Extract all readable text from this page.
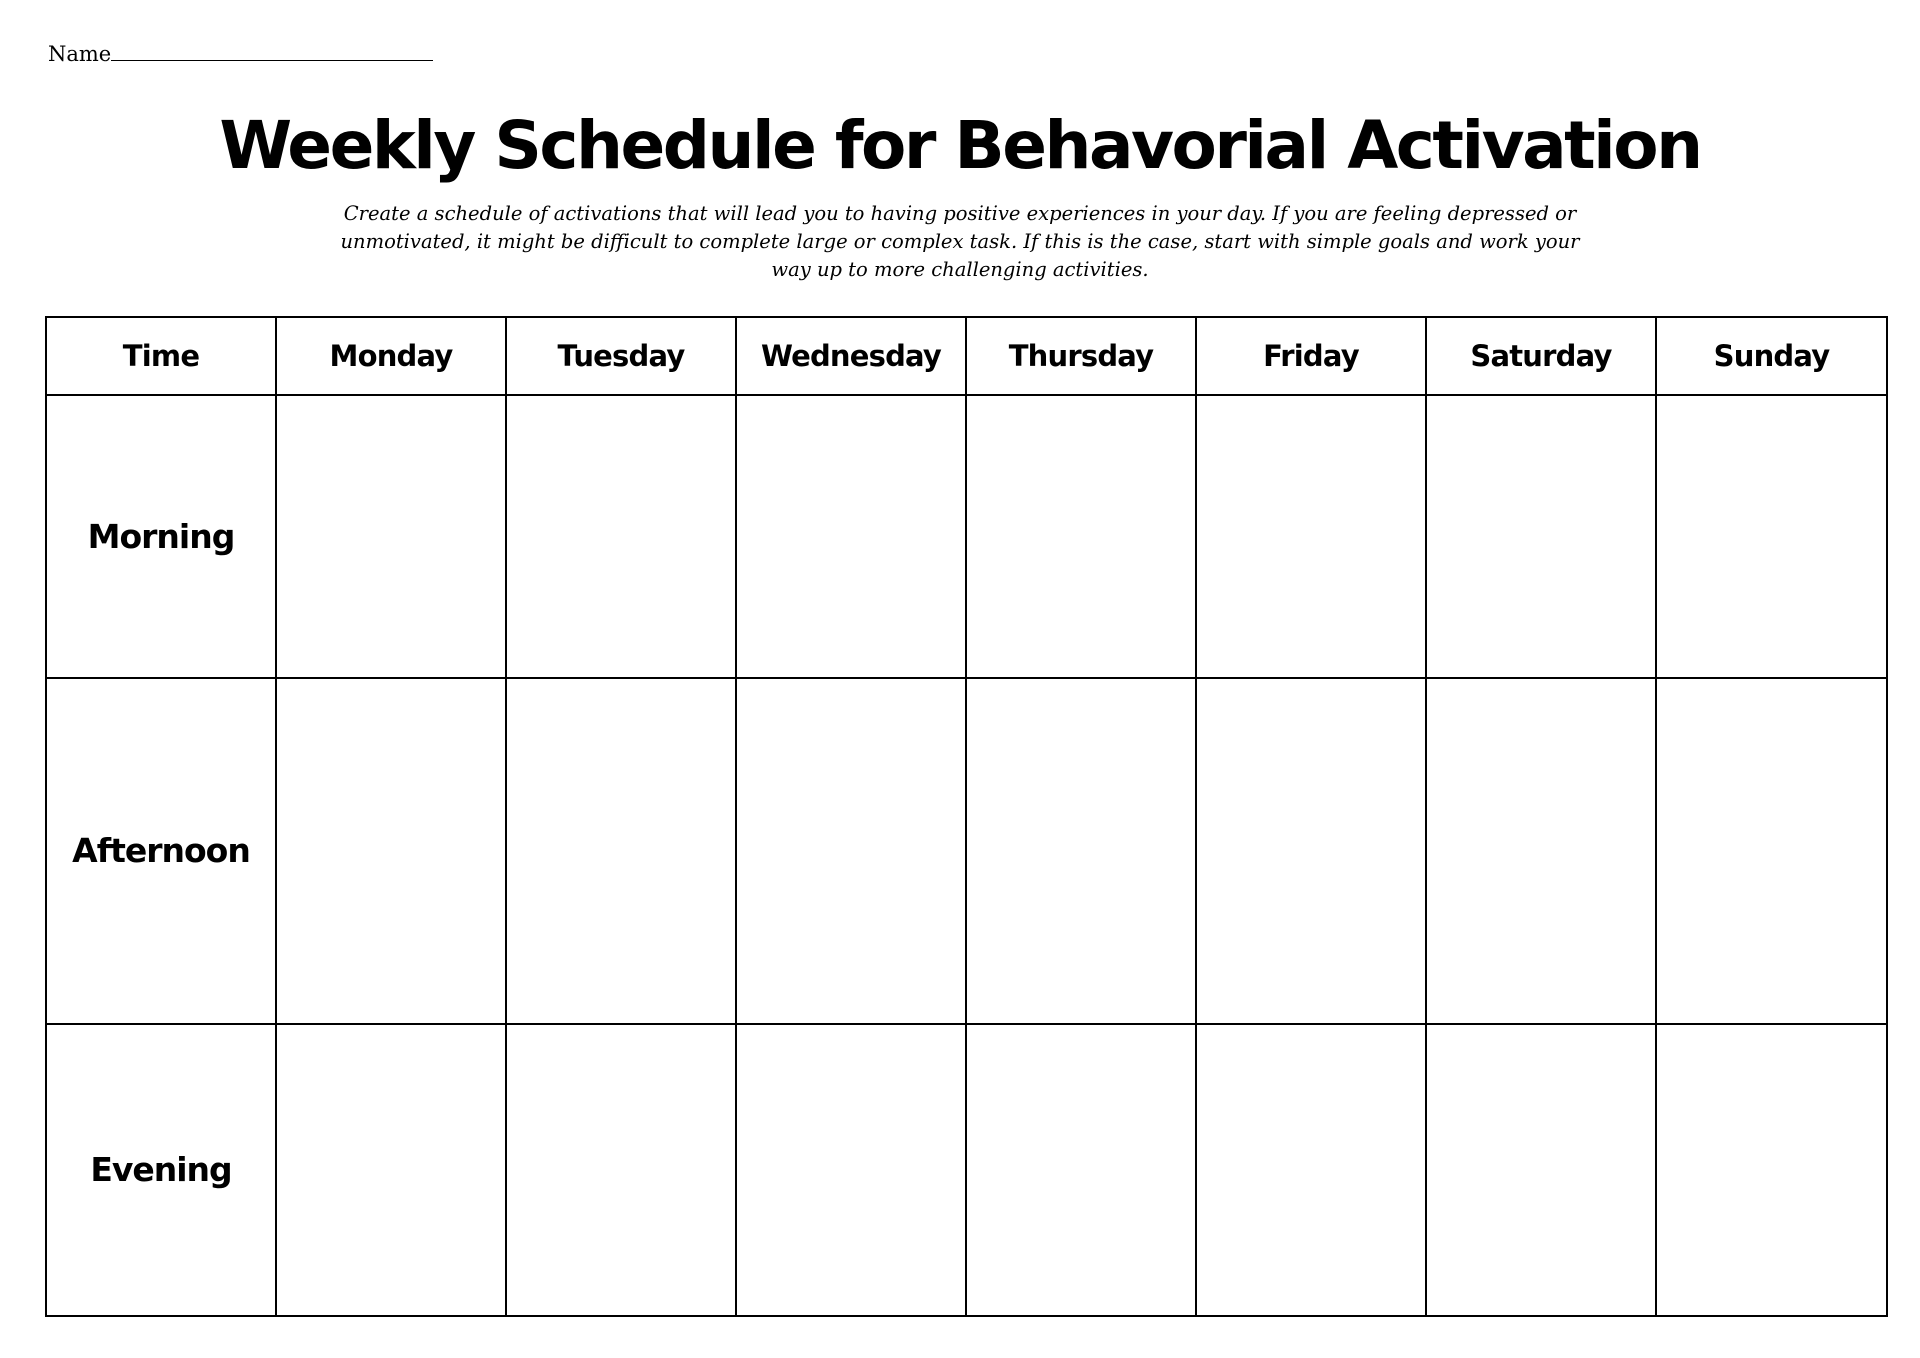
Name
Weekly Schedule for Behavorial Activation

Create a schedule of activations that will lead you to having positive experiences in your day. If you are feeling depressed or unmotivated, it might be difficult to complete large or complex task. If this is the case, start with simple goals and work your way up to more challenging activities.

Time	Monday	Tuesday	Wednesday	Thursday	Friday	Saturday	Sunday
Morning							
Afternoon							
Evening							
